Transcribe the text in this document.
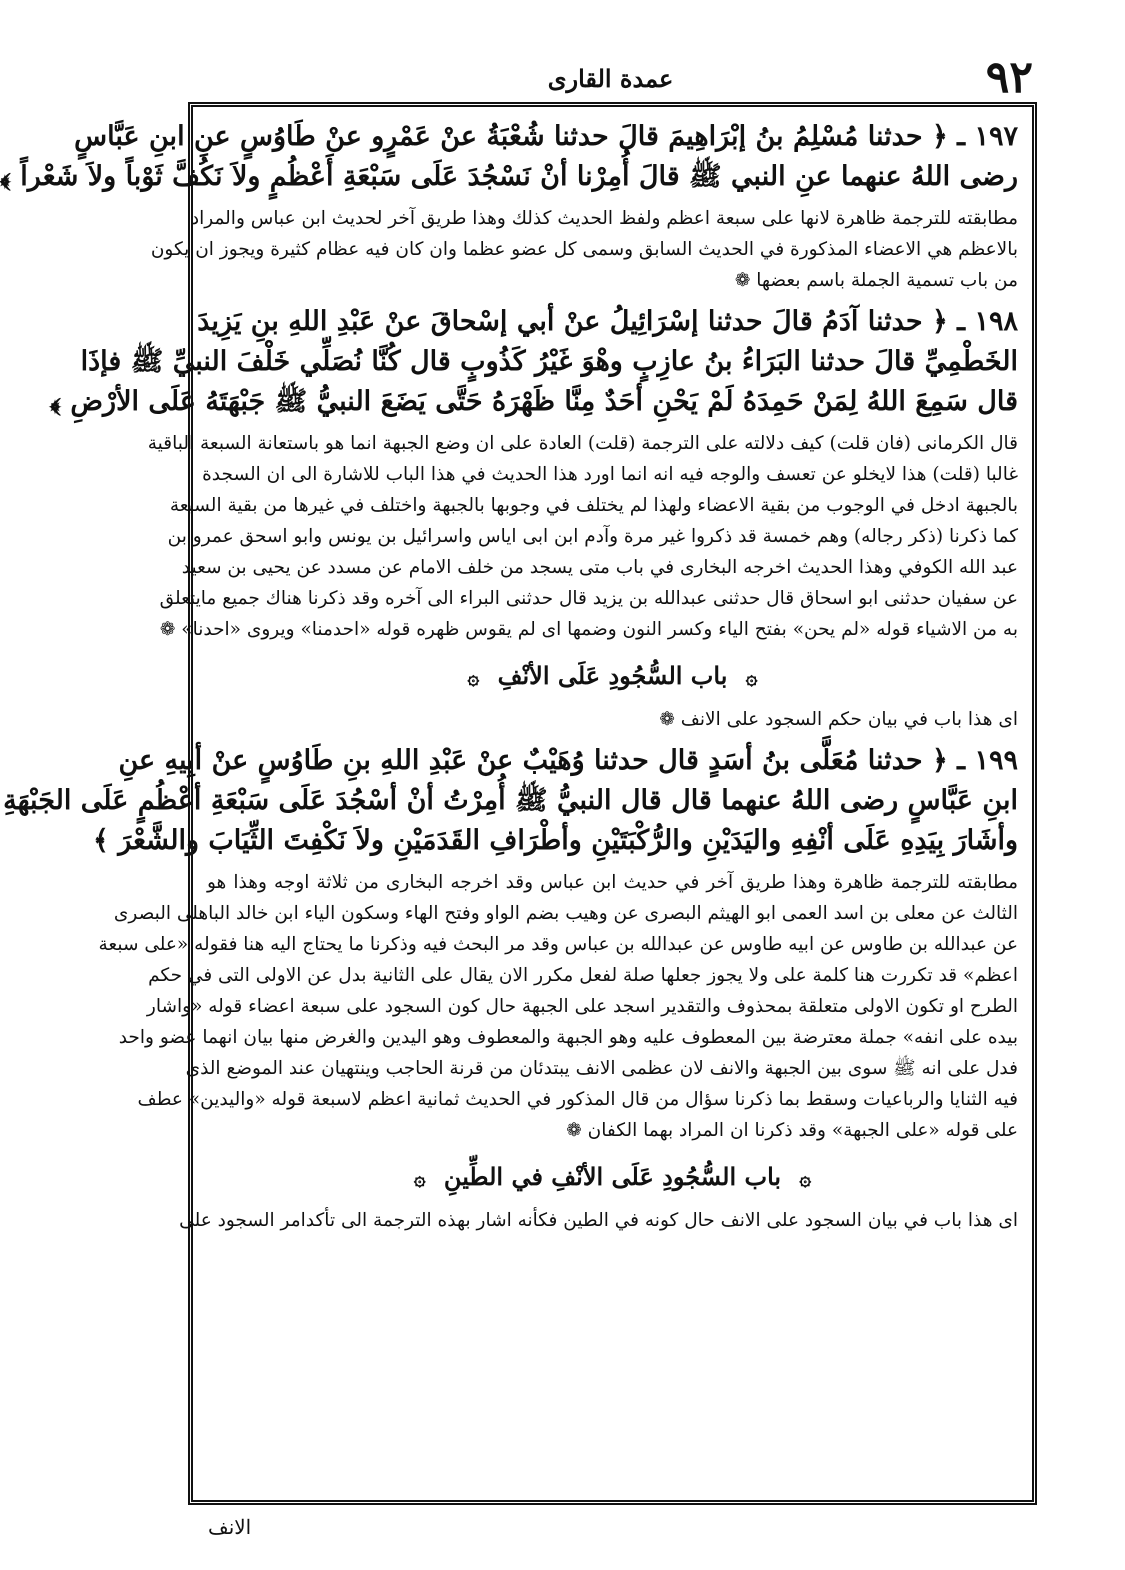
٩٢
عمدة القارى
١٩٧ ـ ﴿ حدثنا مُسْلِمُ بنُ إبْرَاهِيمَ قالَ حدثنا شُعْبَةُ عنْ عَمْرٍو عنْ طَاوُسٍ عنِ ابنِ عَبَّاسٍ
رضى اللهُ عنهما عنِ النبي ﷺ قالَ أُمِرْنا أنْ نَسْجُدَ عَلَى سَبْعَةِ أَعْظُمٍ ولاَ نَكُفَّ ثَوْباً ولاَ شَعْراً ﴾
مطابقته للترجمة ظاهرة لانها على سبعة اعظم ولفظ الحديث كذلك وهذا طريق آخر لحديث ابن عباس والمراد
بالاعظم هي الاعضاء المذكورة في الحديث السابق وسمى كل عضو عظما وان كان فيه عظام كثيرة ويجوز ان يكون
من باب تسمية الجملة باسم بعضها ❁
١٩٨ ـ ﴿ حدثنا آدَمُ قالَ حدثنا إسْرَائِيلُ عنْ أبي إسْحاقَ عنْ عَبْدِ اللهِ بنِ يَزِيدَ
الخَطْمِيِّ قالَ حدثنا البَرَاءُ بنُ عازِبٍ وهْوَ غَيْرُ كَذُوبٍ قال كُنَّا نُصَلِّي خَلْفَ النبيِّ ﷺ فإذَا
قال سَمِعَ اللهُ لِمَنْ حَمِدَهُ لَمْ يَحْنِ أحَدٌ مِنَّا ظَهْرَهُ حَتَّى يَضَعَ النبيُّ ﷺ جَبْهَتَهُ عَلَى الأرْضِ ﴾
قال الكرمانى (فان قلت) كيف دلالته على الترجمة (قلت) العادة على ان وضع الجبهة انما هو باستعانة السبعة الباقية
غالبا (قلت) هذا لايخلو عن تعسف والوجه فيه انه انما اورد هذا الحديث في هذا الباب للاشارة الى ان السجدة
بالجبهة ادخل في الوجوب من بقية الاعضاء ولهذا لم يختلف في وجوبها بالجبهة واختلف في غيرها من بقية السبعة
كما ذكرنا (ذكر رجاله) وهم خمسة قد ذكروا غير مرة وآدم ابن ابى اياس واسرائيل بن يونس وابو اسحق عمرو بن
عبد الله الكوفي وهذا الحديث اخرجه البخارى في باب متى يسجد من خلف الامام عن مسدد عن يحيى بن سعيد
عن سفيان حدثنى ابو اسحاق قال حدثنى عبدالله بن يزيد قال حدثنى البراء الى آخره وقد ذكرنا هناك جميع مايتعلق
به من الاشياء قوله «لم يحن» بفتح الياء وكسر النون وضمها اى لم يقوس ظهره قوله «احدمنا» ويروى «احدنا» ❁
۞ باب السُّجُودِ عَلَى الأنْفِ ۞
اى هذا باب في بيان حكم السجود على الانف ❁
١٩٩ ـ ﴿ حدثنا مُعَلَّى بنُ أسَدٍ قال حدثنا وُهَيْبٌ عنْ عَبْدِ اللهِ بنِ طَاوُسٍ عنْ أبِيهِ عنِ
ابنِ عَبَّاسٍ رضى اللهُ عنهما قال قال النبيُّ ﷺ أُمِرْتُ أنْ أسْجُدَ عَلَى سَبْعَةِ أعْظُمٍ عَلَى الجَبْهَةِ
وأشَارَ بِيَدِهِ عَلَى أنْفِهِ واليَدَيْنِ والرُّكْبَتَيْنِ وأطْرَافِ القَدَمَيْنِ ولاَ نَكْفِتَ الثِّيَابَ والشَّعْرَ ﴾
مطابقته للترجمة ظاهرة وهذا طريق آخر في حديث ابن عباس وقد اخرجه البخارى من ثلاثة اوجه وهذا هو
الثالث عن معلى بن اسد العمى ابو الهيثم البصرى عن وهيب بضم الواو وفتح الهاء وسكون الياء ابن خالد الباهلى البصرى
عن عبدالله بن طاوس عن ابيه طاوس عن عبدالله بن عباس وقد مر البحث فيه وذكرنا ما يحتاج اليه هنا فقوله «على سبعة
اعظم» قد تكررت هنا كلمة على ولا يجوز جعلها صلة لفعل مكرر الان يقال على الثانية بدل عن الاولى التى في حكم
الطرح او تكون الاولى متعلقة بمحذوف والتقدير اسجد على الجبهة حال كون السجود على سبعة اعضاء قوله «واشار
بيده على انفه» جملة معترضة بين المعطوف عليه وهو الجبهة والمعطوف وهو اليدين والغرض منها بيان انهما عضو واحد
فدل على انه ﷺ سوى بين الجبهة والانف لان عظمى الانف يبتدئان من قرنة الحاجب وينتهيان عند الموضع الذى
فيه الثنايا والرباعيات وسقط بما ذكرنا سؤال من قال المذكور في الحديث ثمانية اعظم لاسبعة قوله «واليدين» عطف
على قوله «على الجبهة» وقد ذكرنا ان المراد بهما الكفان ❁
۞ باب السُّجُودِ عَلَى الأنْفِ في الطِّينِ ۞
اى هذا باب في بيان السجود على الانف حال كونه في الطين فكأنه اشار بهذه الترجمة الى تأكدامر السجود على
الانف
